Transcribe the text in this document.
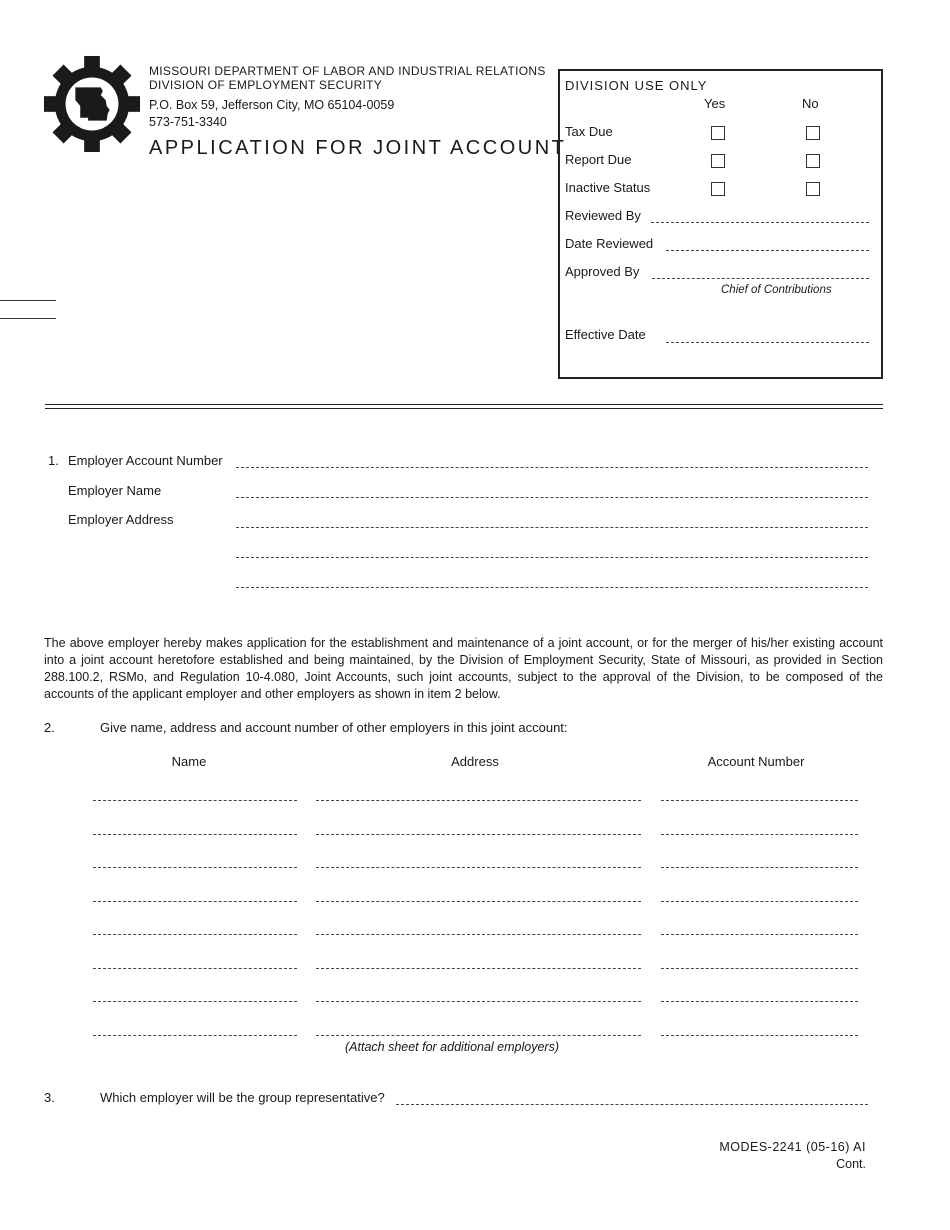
MISSOURI DEPARTMENT OF LABOR AND INDUSTRIAL RELATIONS
DIVISION OF EMPLOYMENT SECURITY
P.O. Box 59, Jefferson City, MO 65104-0059
573-751-3340
APPLICATION FOR JOINT ACCOUNT
DIVISION USE ONLY
Yes	No
Tax Due
Report Due
Inactive Status
Reviewed By
Date Reviewed
Approved By
Chief of Contributions
Effective Date
1. Employer Account Number
Employer Name
Employer Address
The above employer hereby makes application for the establishment and maintenance of a joint account, or for the merger of his/her existing account into a joint account heretofore established and being maintained, by the Division of Employment Security, State of Missouri, as provided in Section 288.100.2, RSMo, and Regulation 10-4.080, Joint Accounts, such joint accounts, subject to the approval of the Division, to be composed of the accounts of the applicant employer and other employers as shown in item 2 below.
2.	Give name, address and account number of other employers in this joint account:
Name	Address	Account Number
(Attach sheet for additional employers)
3.	Which employer will be the group representative?
MODES-2241 (05-16) AI
Cont.
